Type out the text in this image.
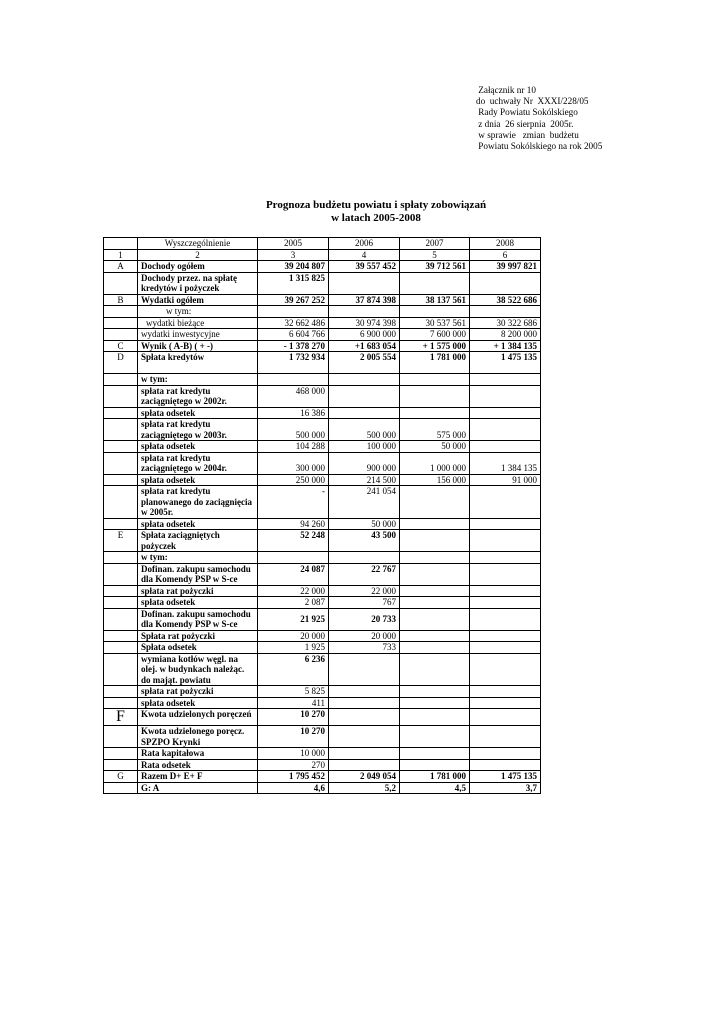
Załącznik nr 10
do  uchwały Nr  XXXI/228/05
Rady Powiatu Sokólskiego
z dnia  26 sierpnia  2005r.
w sprawie   zmian  budżetu
Powiatu Sokólskiego na rok 2005
Prognoza budżetu powiatu i spłaty zobowiązań
w latach 2005-2008
	Wyszczególnienie	2005	2006	2007	2008
1	2	3	4	5	6
A	Dochody ogółem	39 204 807	39 557 452	39 712 561	39 997 821
	Dochody przez. na spłatę kredytów i pożyczek	1 315 825			
B	Wydatki ogółem	39 267 252	37 874 398	38 137 561	38 522 686
	w tym:				
	wydatki bieżące	32 662 486	30 974 398	30 537 561	30 322 686
	wydatki inwestycyjne	6 604 766	6 900 000	7 600 000	8 200 000
C	Wynik ( A-B) ( + -)	- 1 378 270	+1 683 054	+ 1 575 000	+ 1 384 135
D	Spłata kredytów	1 732 934	2 005 554	1 781 000	1 475 135
	w tym:				
	spłata rat kredytu zaciągniętego w 2002r.	468 000			
	spłata odsetek	16 386			
	spłata rat kredytu zaciągniętego w 2003r.	500 000	500 000	575 000	
	spłata odsetek	104 288	100 000	50 000	
	spłata rat kredytu zaciągniętego w 2004r.	300 000	900 000	1 000 000	1 384 135
	spłata odsetek	250 000	214 500	156 000	91 000
	spłata rat kredytu planowanego do zaciągnięcia w 2005r.	-	241 054		
	spłata odsetek	94 260	50 000		
E	Spłata zaciągniętych pożyczek	52 248	43 500		
	w tym:				
	Dofinan. zakupu samochodu dla Komendy PSP w S-ce	24 087	22 767		
	spłata rat pożyczki	22 000	22 000		
	spłata odsetek	2 087	767		
	Dofinan. zakupu samochodu dla Komendy PSP w S-ce	21 925	20 733		
	Spłata rat pożyczki	20 000	20 000		
	Spłata odsetek	1 925	733		
	wymiana kotłów węgl. na olej. w budynkach należąc. do mająt. powiatu	6 236			
	spłata rat pożyczki	5 825			
	spłata odsetek	411			
F	Kwota udzielonych poręczeń	10 270			
	Kwota udzielonego poręcz. SPZPO Krynki	10 270			
	Rata kapitałowa	10 000			
	Rata odsetek	270			
G	Razem D+ E+ F	1 795 452	2 049 054	1 781 000	1 475 135
	G: A	4,6	5,2	4,5	3,7
